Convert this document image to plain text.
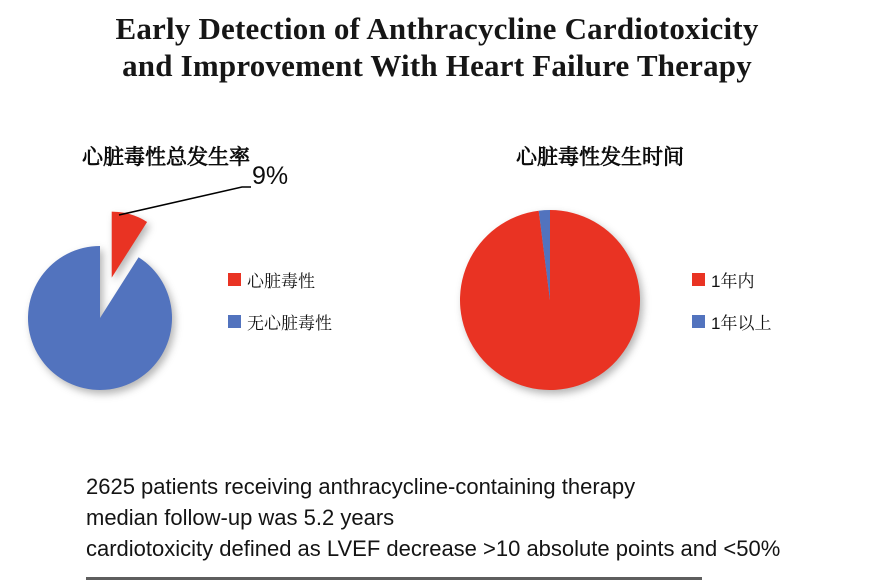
Early Detection of Anthracycline Cardiotoxicity
and Improvement With Heart Failure Therapy
心脏毒性总发生率	心脏毒性发生时间
9%
心脏毒性
无心脏毒性
1年内
1年以上
2625 patients receiving anthracycline-containing therapy
median follow-up was 5.2 years
cardiotoxicity defined as LVEF decrease >10 absolute points and <50%
